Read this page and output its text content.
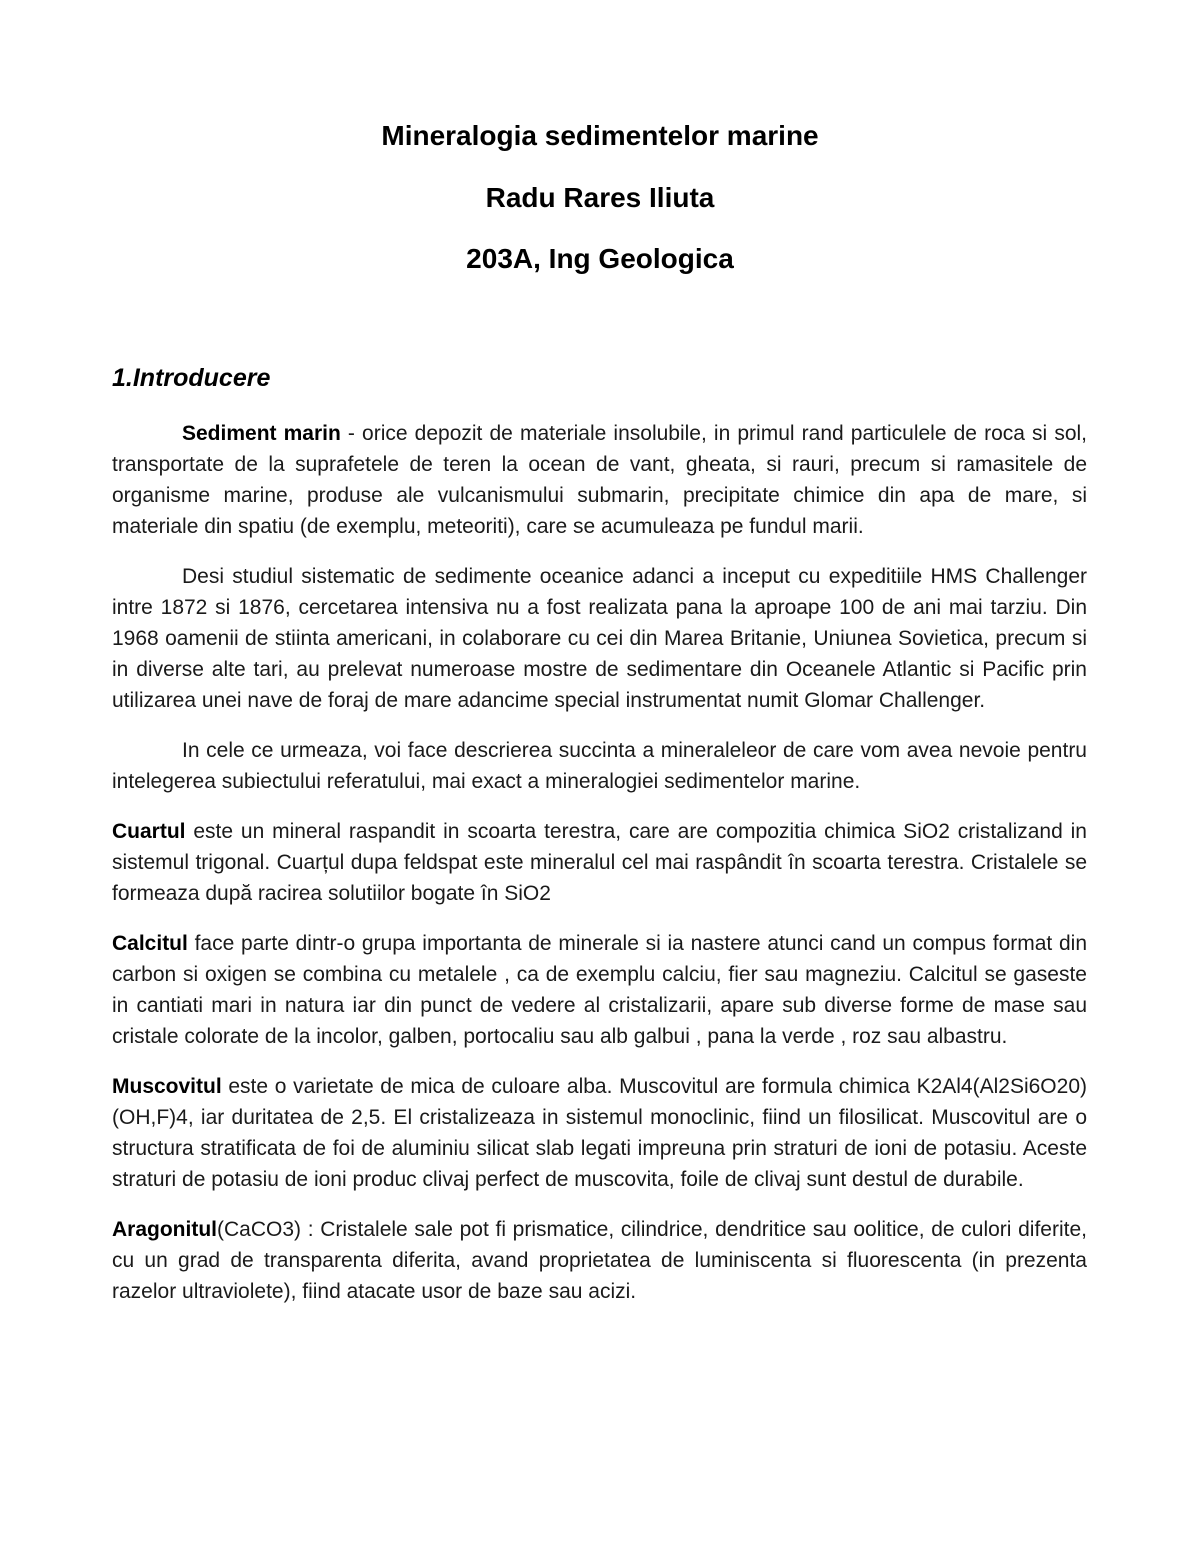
Mineralogia sedimentelor marine
Radu Rares Iliuta
203A, Ing Geologica
1.Introducere

Sediment marin - orice depozit de materiale insolubile, in primul rand particulele de roca si sol, transportate de la suprafetele de teren la ocean de vant, gheata, si rauri, precum si ramasitele de organisme marine, produse ale vulcanismului submarin, precipitate chimice din apa de mare, si materiale din spatiu (de exemplu, meteoriti), care se acumuleaza pe fundul marii.

Desi studiul sistematic de sedimente oceanice adanci a inceput cu expeditiile HMS Challenger intre 1872 si 1876, cercetarea intensiva nu a fost realizata pana la aproape 100 de ani mai tarziu. Din 1968 oamenii de stiinta americani, in colaborare cu cei din Marea Britanie, Uniunea Sovietica, precum si in diverse alte tari, au prelevat numeroase mostre de sedimentare din Oceanele Atlantic si Pacific prin utilizarea unei nave de foraj de mare adancime special instrumentat numit Glomar Challenger.

In cele ce urmeaza, voi face descrierea succinta a mineraleleor de care vom avea nevoie pentru intelegerea subiectului referatului, mai exact a mineralogiei sedimentelor marine.

Cuartul este un mineral raspandit in scoarta terestra, care are compozitia chimica SiO2 cristalizand in sistemul trigonal. Cuarțul dupa feldspat este mineralul cel mai raspândit în scoarta terestra. Cristalele se formeaza după racirea solutiilor bogate în SiO2

Calcitul face parte dintr-o grupa importanta de minerale si ia nastere atunci cand un compus format din carbon si oxigen se combina cu metalele , ca de exemplu calciu, fier sau magneziu. Calcitul se gaseste in cantiati mari in natura iar din punct de vedere al cristalizarii, apare sub diverse forme de mase sau cristale colorate de la incolor, galben, portocaliu sau alb galbui , pana la verde , roz sau albastru.

Muscovitul este o varietate de mica de culoare alba. Muscovitul are formula chimica K2Al4(Al2Si6O20)(OH,F)4, iar duritatea de 2,5. El cristalizeaza in sistemul monoclinic, fiind un filosilicat. Muscovitul are o structura stratificata de foi de aluminiu silicat slab legati impreuna prin straturi de ioni de potasiu. Aceste straturi de potasiu de ioni produc clivaj perfect de muscovita, foile de clivaj sunt destul de durabile.

Aragonitul(CaCO3) : Cristalele sale pot fi prismatice, cilindrice, dendritice sau oolitice, de culori diferite, cu un grad de transparenta diferita, avand proprietatea de luminiscenta si fluorescenta (in prezenta razelor ultraviolete), fiind atacate usor de baze sau acizi.
